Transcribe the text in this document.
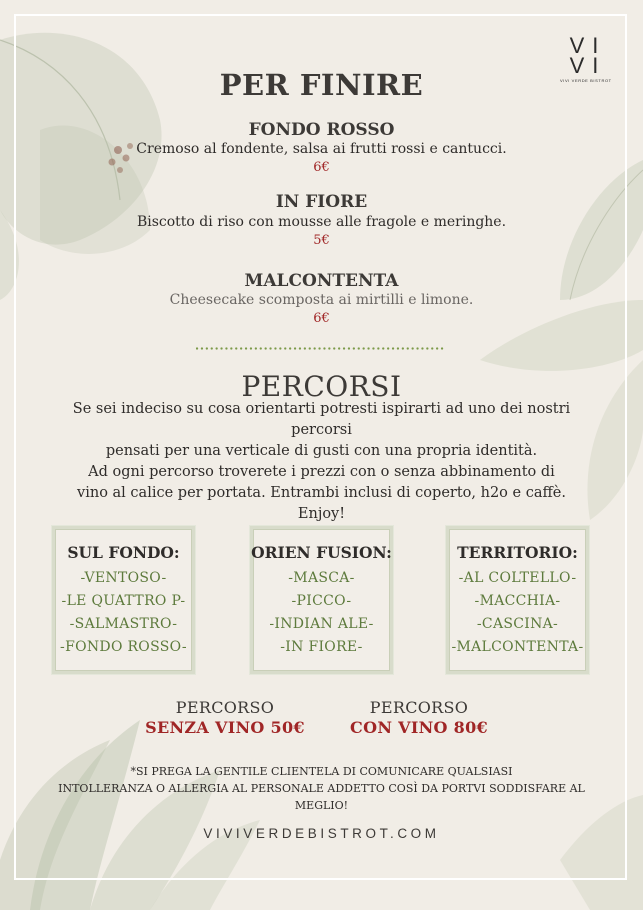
VI
VI
VIVI VERDE BISTROT
PER FINIRE
FONDO ROSSO
Cremoso al fondente, salsa ai frutti rossi e cantucci.
6€
IN FIORE
Biscotto di riso con mousse alle fragole e meringhe.
5€
MALCONTENTA
Cheesecake scomposta ai mirtilli e limone.
6€
PERCORSI
Se sei indeciso su cosa orientarti potresti ispirarti ad uno dei nostri percorsi
pensati per una verticale di gusti con una propria identità.
Ad ogni percorso troverete i prezzi con o senza abbinamento di
vino al calice per portata. Entrambi inclusi di coperto, h2o e caffè.
Enjoy!
SUL FONDO:
-VENTOSO-
-LE QUATTRO P-
-SALMASTRO-
-FONDO ROSSO-
ORIEN FUSION:
-MASCA-
-PICCO-
-INDIAN ALE-
-IN FIORE-
TERRITORIO:
-AL COLTELLO-
-MACCHIA-
-CASCINA-
-MALCONTENTA-
PERCORSO
SENZA VINO 50€
PERCORSO
CON VINO 80€
*SI PREGA LA GENTILE CLIENTELA DI COMUNICARE QUALSIASI
INTOLLERANZA O ALLERGIA AL PERSONALE ADDETTO COSÌ DA PORTVI SODDISFARE AL
MEGLIO!
VIVIVERDEBISTROT.COM
